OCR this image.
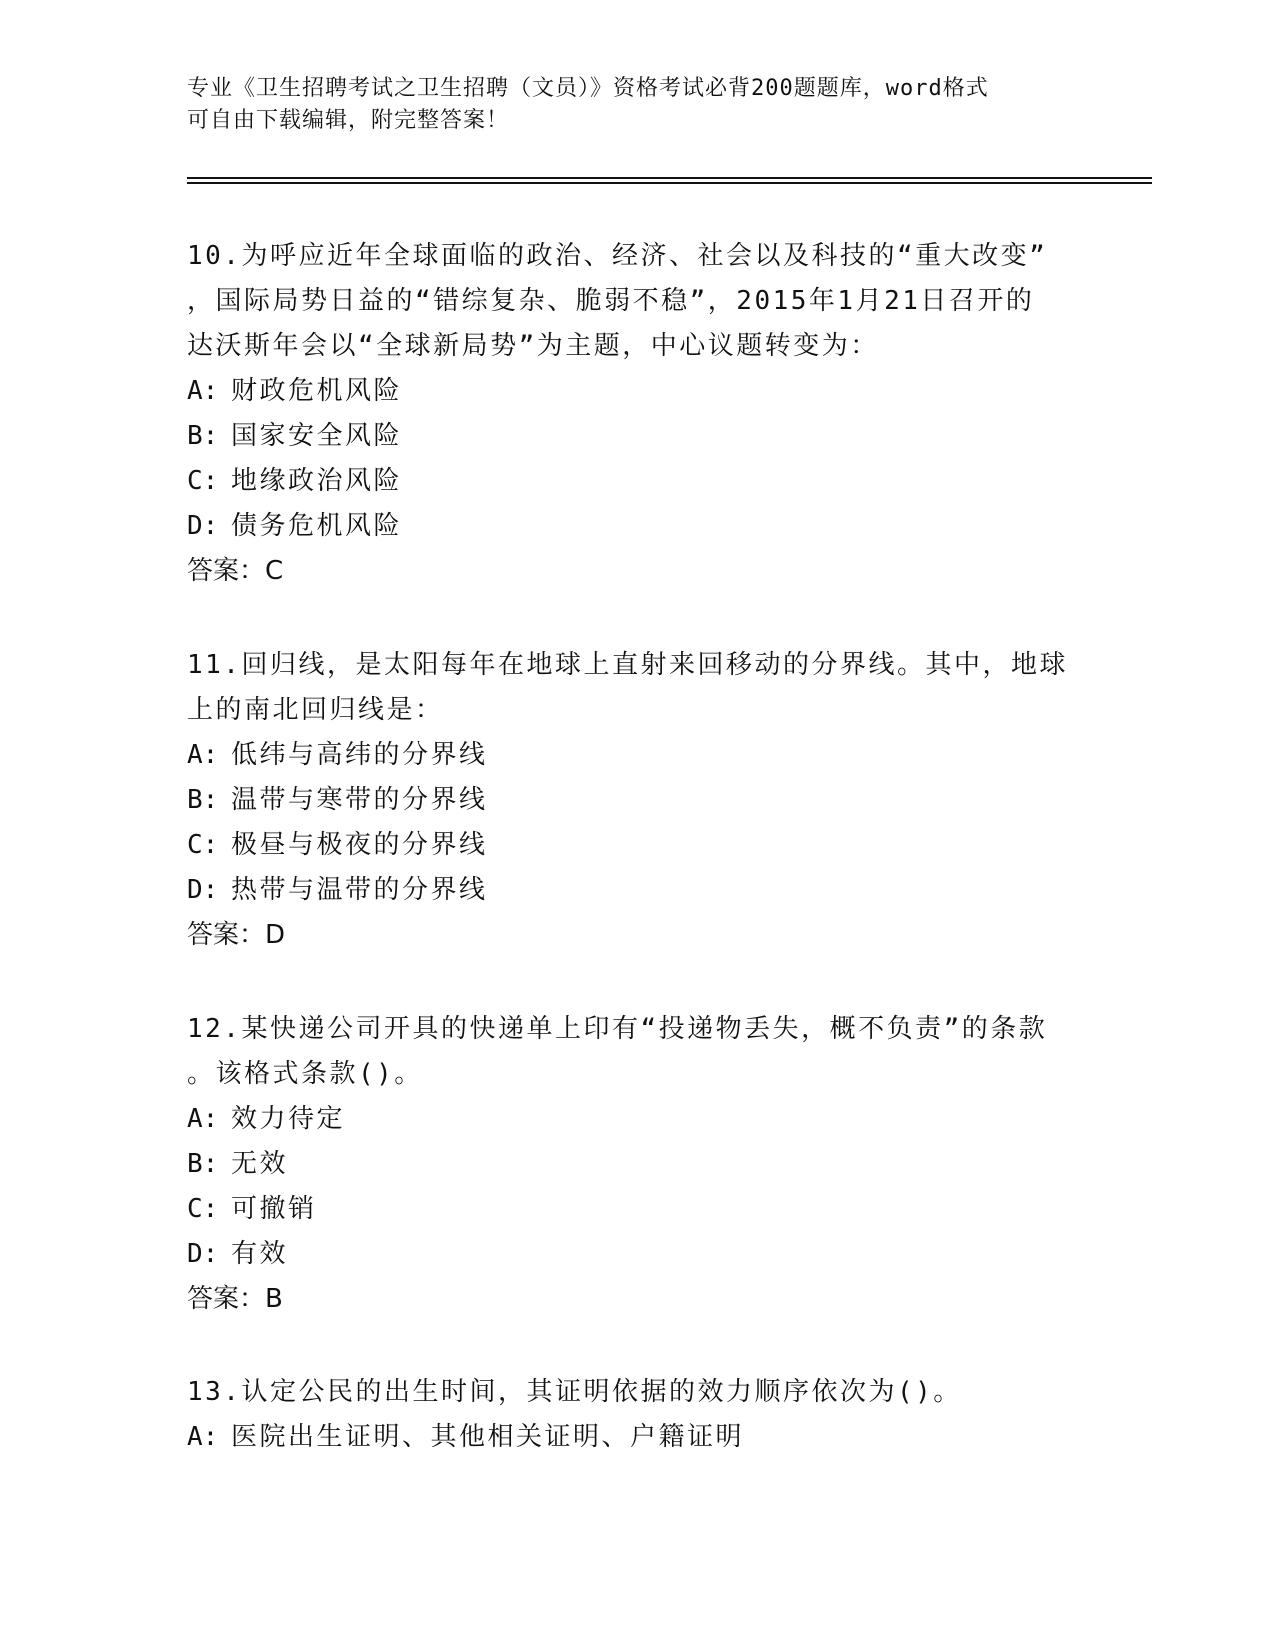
专业《卫生招聘考试之卫生招聘（文员）》资格考试必背200题题库，word格式
可自由下载编辑，附完整答案！
10.为呼应近年全球面临的政治、经济、社会以及科技的“重大改变”
，国际局势日益的“错综复杂、脆弱不稳”，2015年1月21日召开的
达沃斯年会以“全球新局势”为主题，中心议题转变为：
A: 财政危机风险
B: 国家安全风险
C: 地缘政治风险
D: 债务危机风险
答案：C
11.回归线，是太阳每年在地球上直射来回移动的分界线。其中，地球
上的南北回归线是：
A: 低纬与高纬的分界线
B: 温带与寒带的分界线
C: 极昼与极夜的分界线
D: 热带与温带的分界线
答案：D
12.某快递公司开具的快递单上印有“投递物丢失，概不负责”的条款
。该格式条款()。
A: 效力待定
B: 无效
C: 可撤销
D: 有效
答案：B
13.认定公民的出生时间，其证明依据的效力顺序依次为()。
A: 医院出生证明、其他相关证明、户籍证明
